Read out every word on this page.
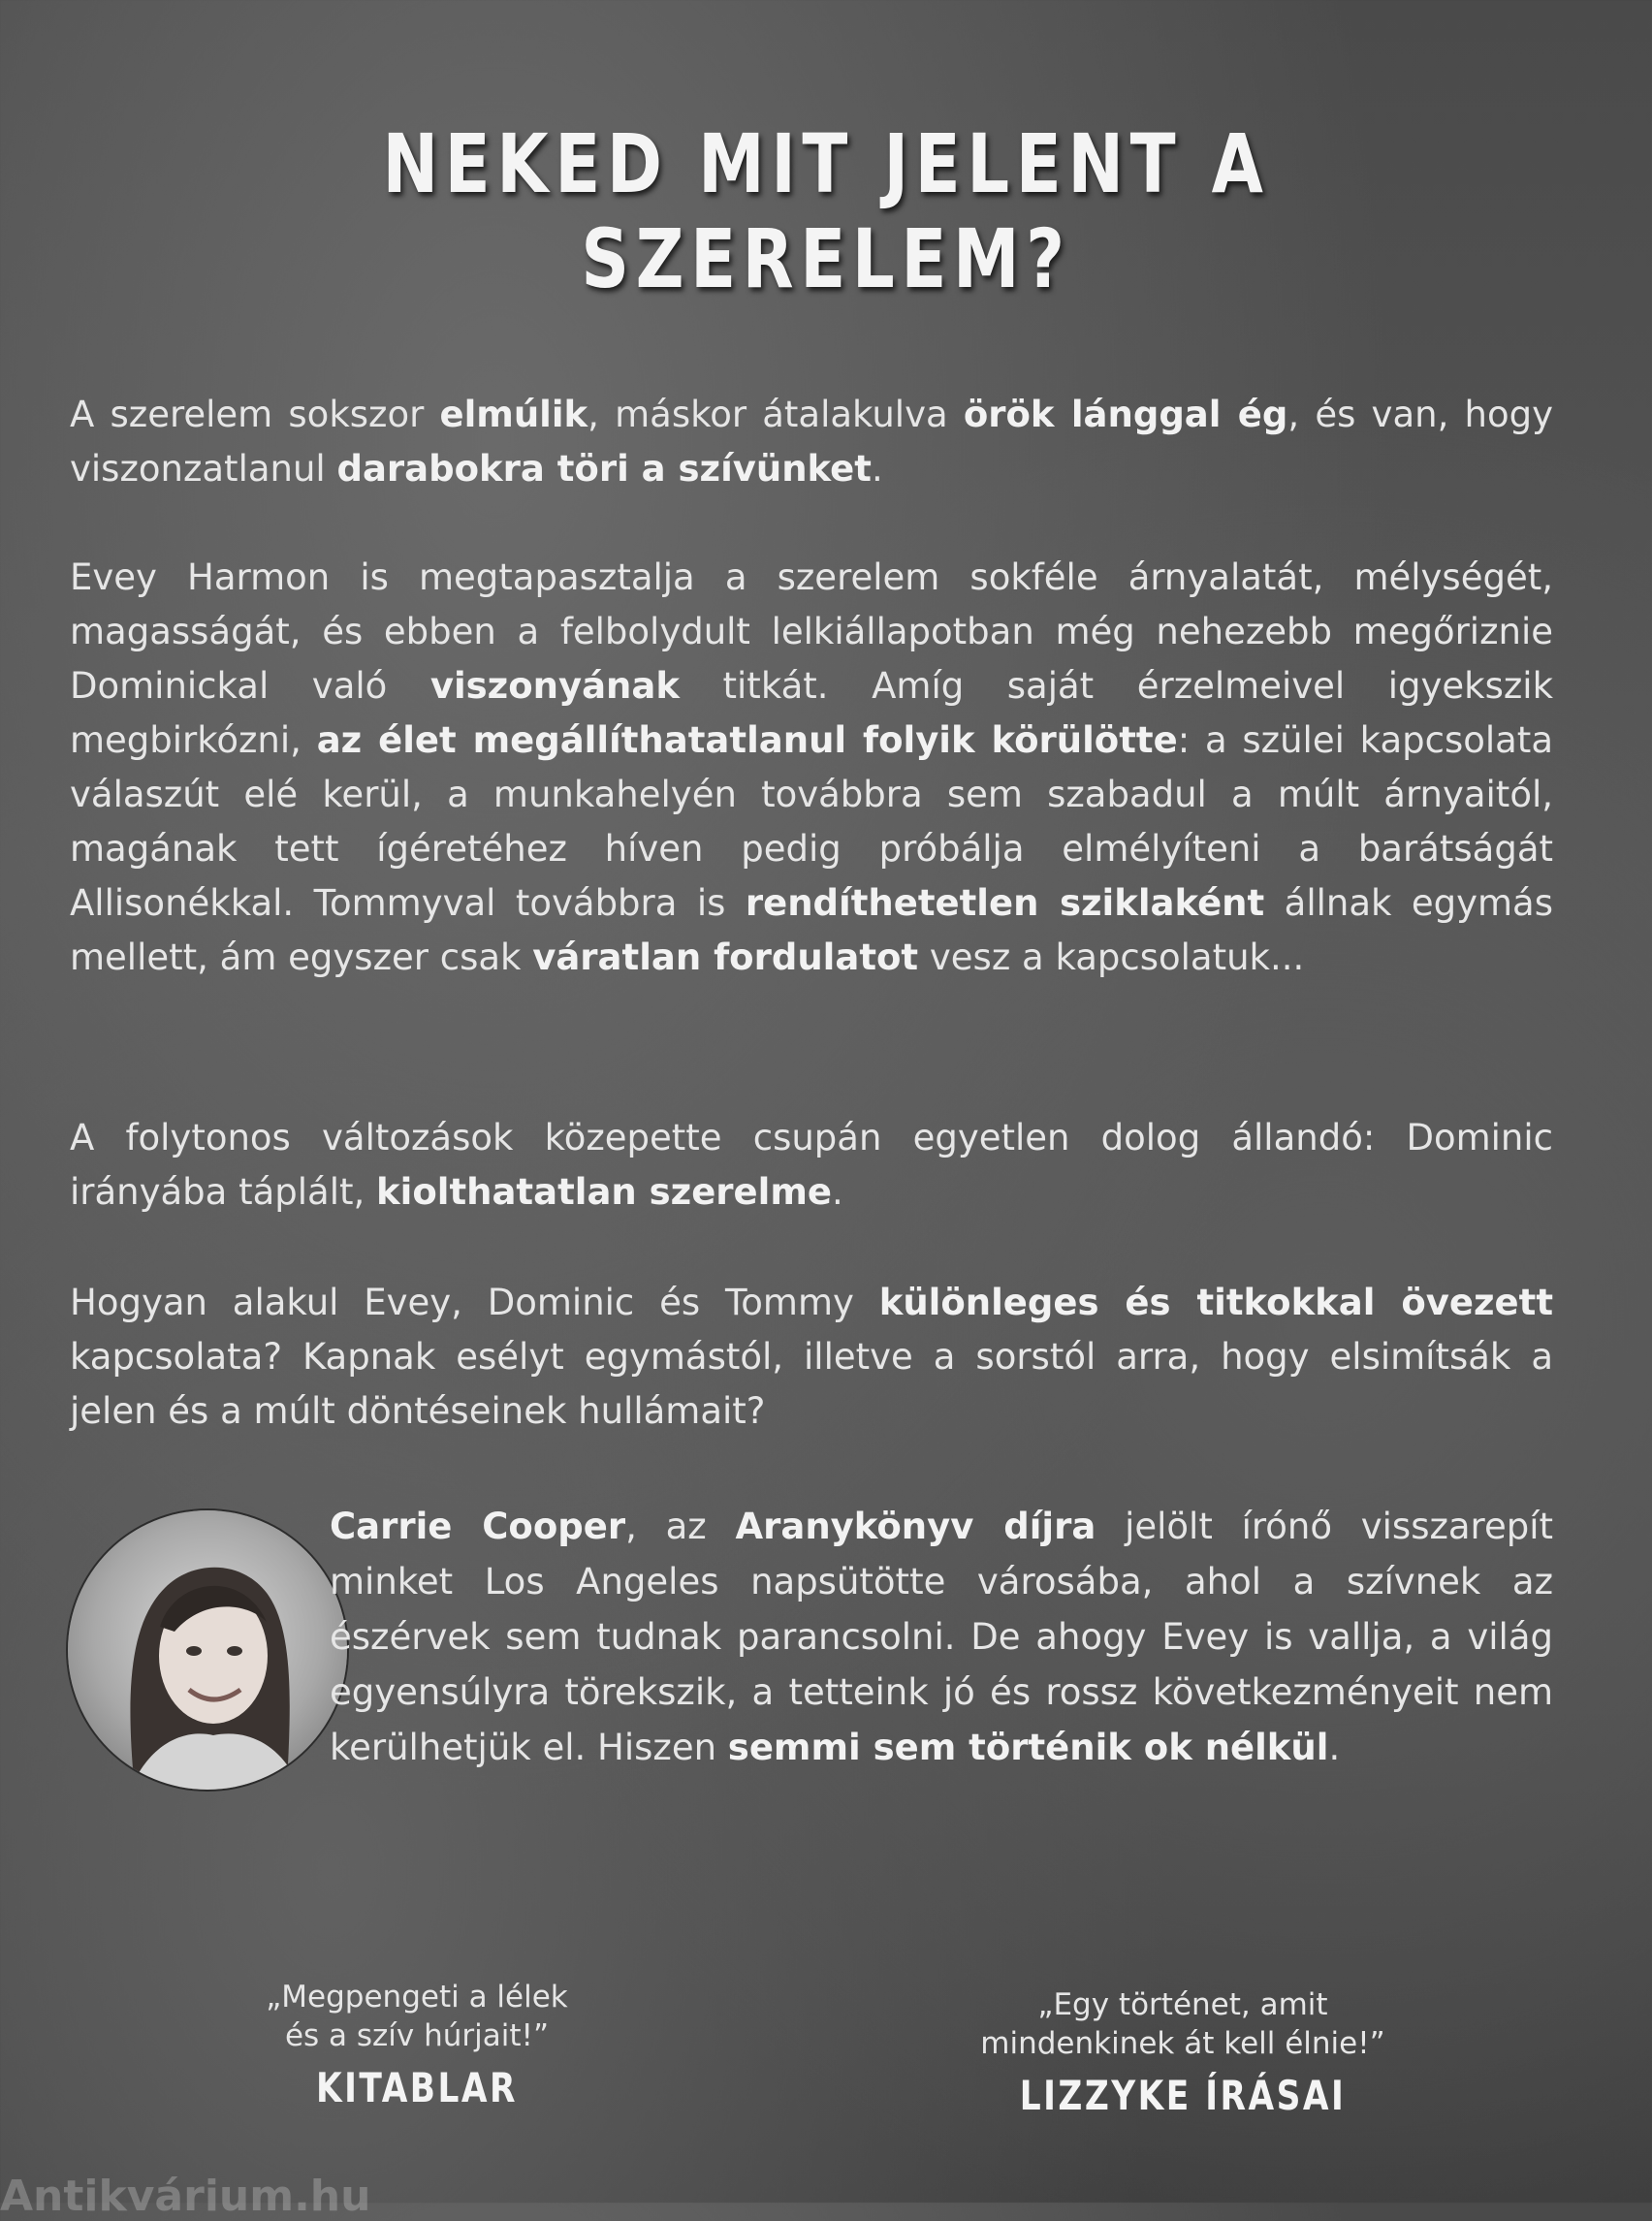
NEKED MIT JELENT A SZERELEM?

A szerelem sokszor elmúlik, máskor átalakulva örök lánggal ég, és van, hogy viszonzatlanul darabokra töri a szívünket.

Evey Harmon is megtapasztalja a szerelem sokféle árnyalatát, mélységét, magasságát, és ebben a felbolydult lelkiállapotban még nehezebb megőriznie Dominickal való viszonyának titkát. Amíg saját érzelmeivel igyekszik megbirkózni, az élet megállíthatatlanul folyik körülötte: a szülei kapcsolata válaszút elé kerül, a munkahelyén továbbra sem szabadul a múlt árnyaitól, magának tett ígéretéhez híven pedig próbálja elmélyíteni a barátságát Allisonékkal. Tommyval továbbra is rendíthetetlen sziklaként állnak egymás mellett, ám egyszer csak váratlan fordulatot vesz a kapcsolatuk...

A folytonos változások közepette csupán egyetlen dolog állandó: Dominic irányába táplált, kiolthatatlan szerelme.

Hogyan alakul Evey, Dominic és Tommy különleges és titkokkal övezett kapcsolata? Kapnak esélyt egymástól, illetve a sorstól arra, hogy elsimítsák a jelen és a múlt döntéseinek hullámait?

Carrie Cooper, az Aranykönyv díjra jelölt írónő visszarepít minket Los Angeles napsütötte városába, ahol a szívnek az észérvek sem tudnak parancsolni. De ahogy Evey is vallja, a világ egyensúlyra törekszik, a tetteink jó és rossz következményeit nem kerülhetjük el. Hiszen semmi sem történik ok nélkül.

„Megpengeti a lélek
és a szív húrjait!”
KITABLAR
„Egy történet, amit
mindenkinek át kell élnie!”
LIZZYKE ÍRÁSAI
Antikvárium.hu
